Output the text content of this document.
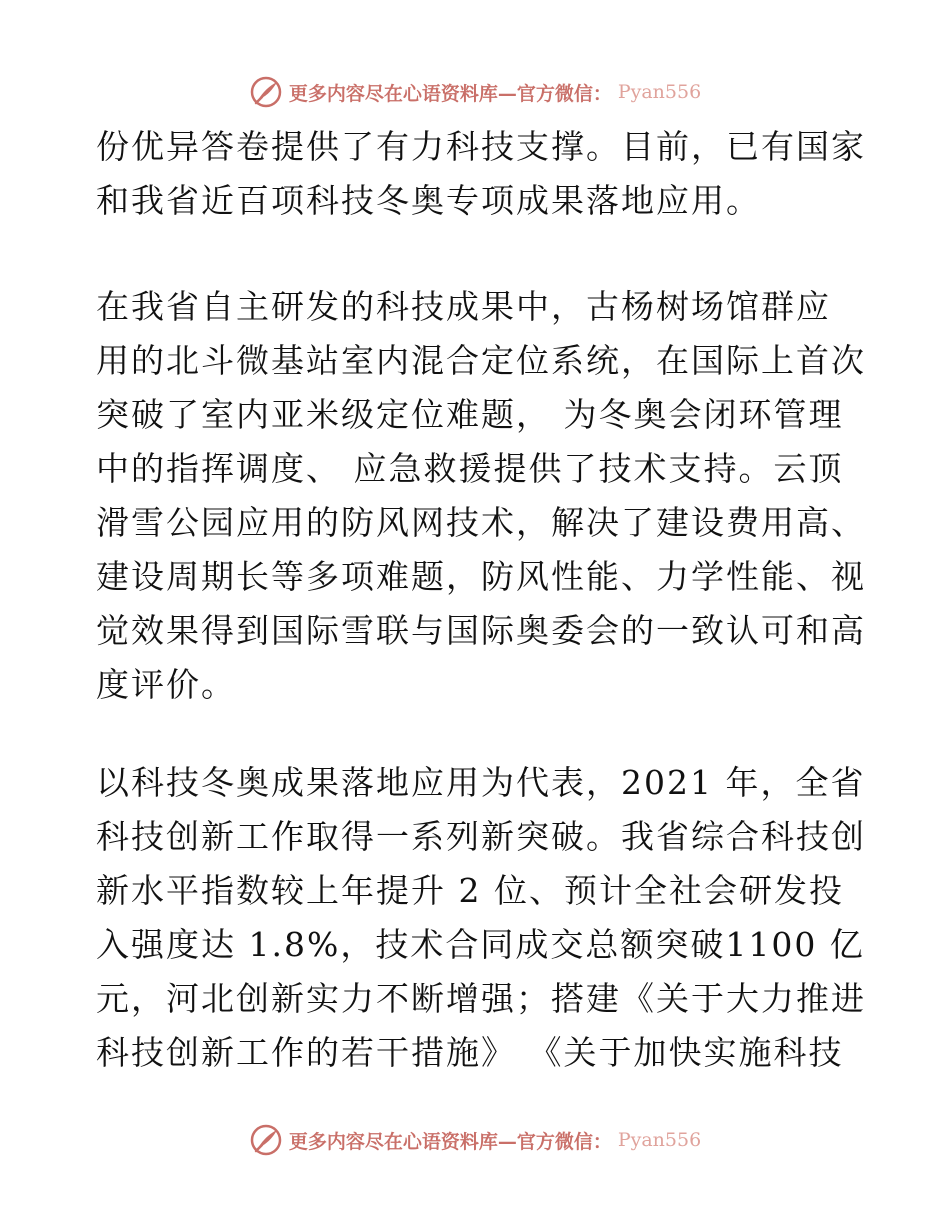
更多内容尽在心语资料库—官方微信： Pyan556
份优异答卷提供了有力科技支撑。目前，已有国家
和我省近百项科技冬奥专项成果落地应用。
在我省自主研发的科技成果中，古杨树场馆群应
用的北斗微基站室内混合定位系统，在国际上首次
突破了室内亚米级定位难题， 为冬奥会闭环管理
中的指挥调度、 应急救援提供了技术支持。云顶
滑雪公园应用的防风网技术，解决了建设费用高、
建设周期长等多项难题，防风性能、力学性能、视
觉效果得到国际雪联与国际奥委会的一致认可和高
度评价。
以科技冬奥成果落地应用为代表，2021 年，全省
科技创新工作取得一系列新突破。我省综合科技创
新水平指数较上年提升 2 位、预计全社会研发投
入强度达 1.8%，技术合同成交总额突破1100 亿
元，河北创新实力不断增强；搭建《关于大力推进
科技创新工作的若干措施》 《关于加快实施科技
更多内容尽在心语资料库—官方微信： Pyan556
